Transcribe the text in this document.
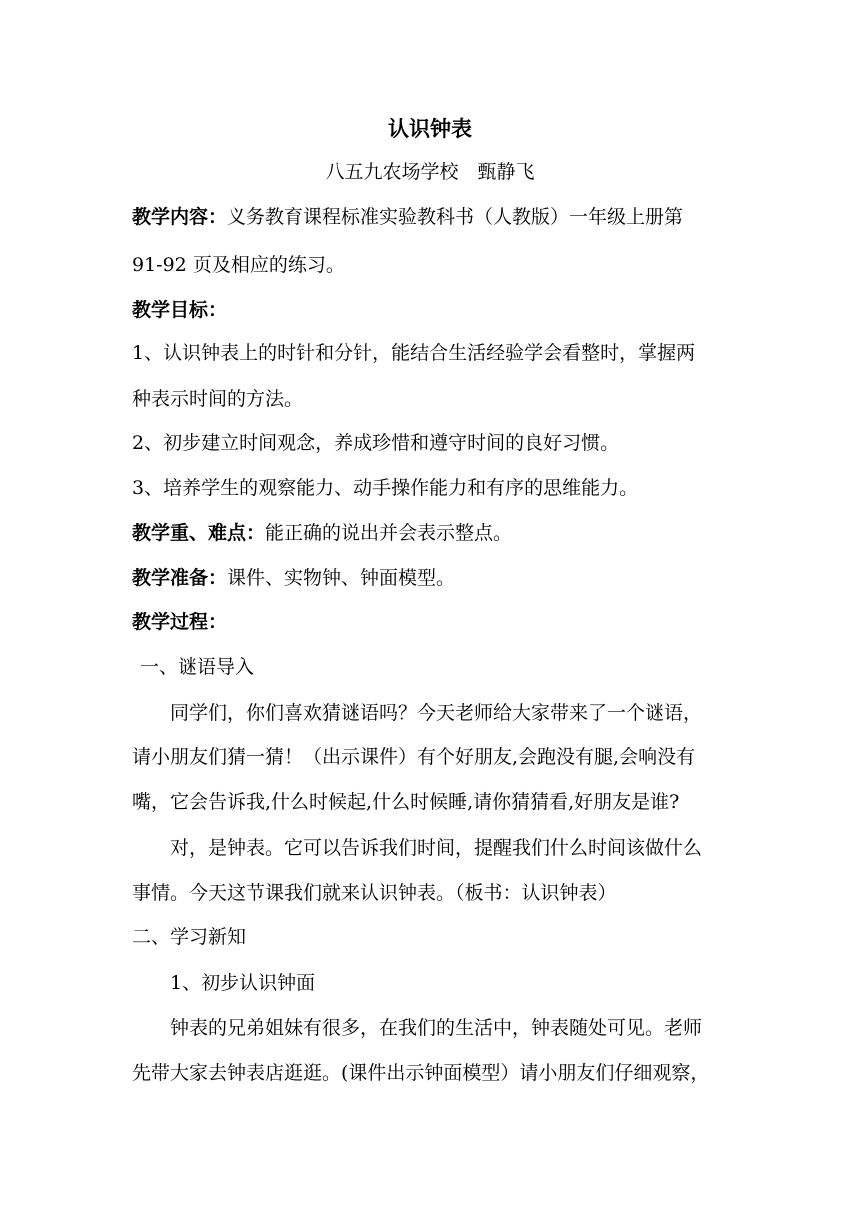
认识钟表
八五九农场学校　甄静飞
教学内容：义务教育课程标准实验教科书（人教版）一年级上册第
91-92 页及相应的练习。
教学目标：
1、认识钟表上的时针和分针，能结合生活经验学会看整时，掌握两
种表示时间的方法。
2、初步建立时间观念，养成珍惜和遵守时间的良好习惯。
3、培养学生的观察能力、动手操作能力和有序的思维能力。
教学重、难点：能正确的说出并会表示整点。
教学准备：课件、实物钟、钟面模型。
教学过程：
一、谜语导入
同学们，你们喜欢猜谜语吗？今天老师给大家带来了一个谜语，
请小朋友们猜一猜！（出示课件）有个好朋友,会跑没有腿,会响没有
嘴，它会告诉我,什么时候起,什么时候睡,请你猜猜看,好朋友是谁?
对，是钟表。它可以告诉我们时间，提醒我们什么时间该做什么
事情。今天这节课我们就来认识钟表。（板书：认识钟表）
二、学习新知
1、初步认识钟面
钟表的兄弟姐妹有很多，在我们的生活中，钟表随处可见。老师
先带大家去钟表店逛逛。(课件出示钟面模型）请小朋友们仔细观察，
